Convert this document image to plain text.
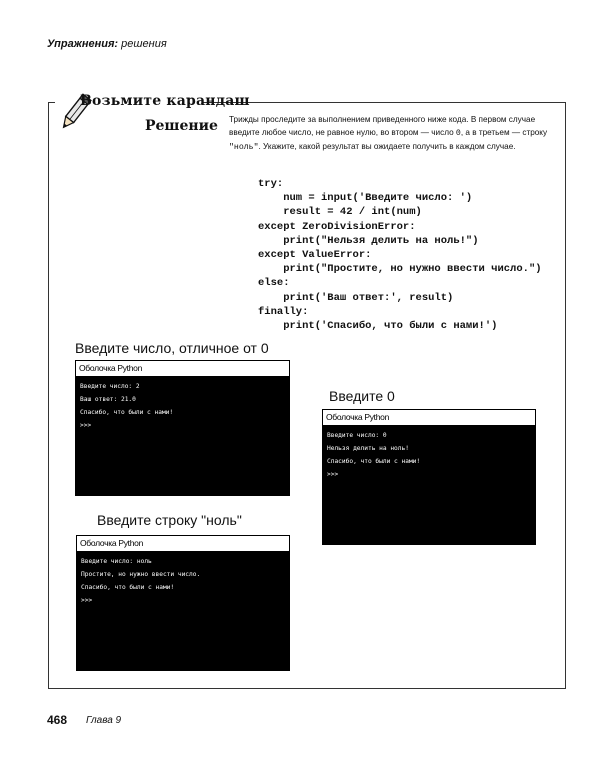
Упражнения: решения
Возьмите карандаш
Решение Трижды проследите за выполнением приведенного ниже кода. В первом случае введите любое число, не равное нулю, во втором — число 0, а в третьем — строку "ноль". Укажите, какой результат вы ожидаете получить в каждом случае.
try:
num = input('Введите число: ')
result = 42 / int(num)
except ZeroDivisionError:
print("Нельзя делить на ноль!")
except ValueError:
print("Простите, но нужно ввести число.")
else:
print('Ваш ответ:', result)
finally:
print('Спасибо, что были с нами!')
Введите число, отличное от 0
Оболочка Python
Введите число: 2
Ваш ответ: 21.0
Спасибо, что были с нами!
>>>
Введите 0
Оболочка Python
Введите число: 0
Нельзя делить на ноль!
Спасибо, что были с нами!
>>>
Введите строку "ноль"
Оболочка Python
Введите число: ноль
Простите, но нужно ввести число.
Спасибо, что были с нами!
>>>
468 Глава 9
